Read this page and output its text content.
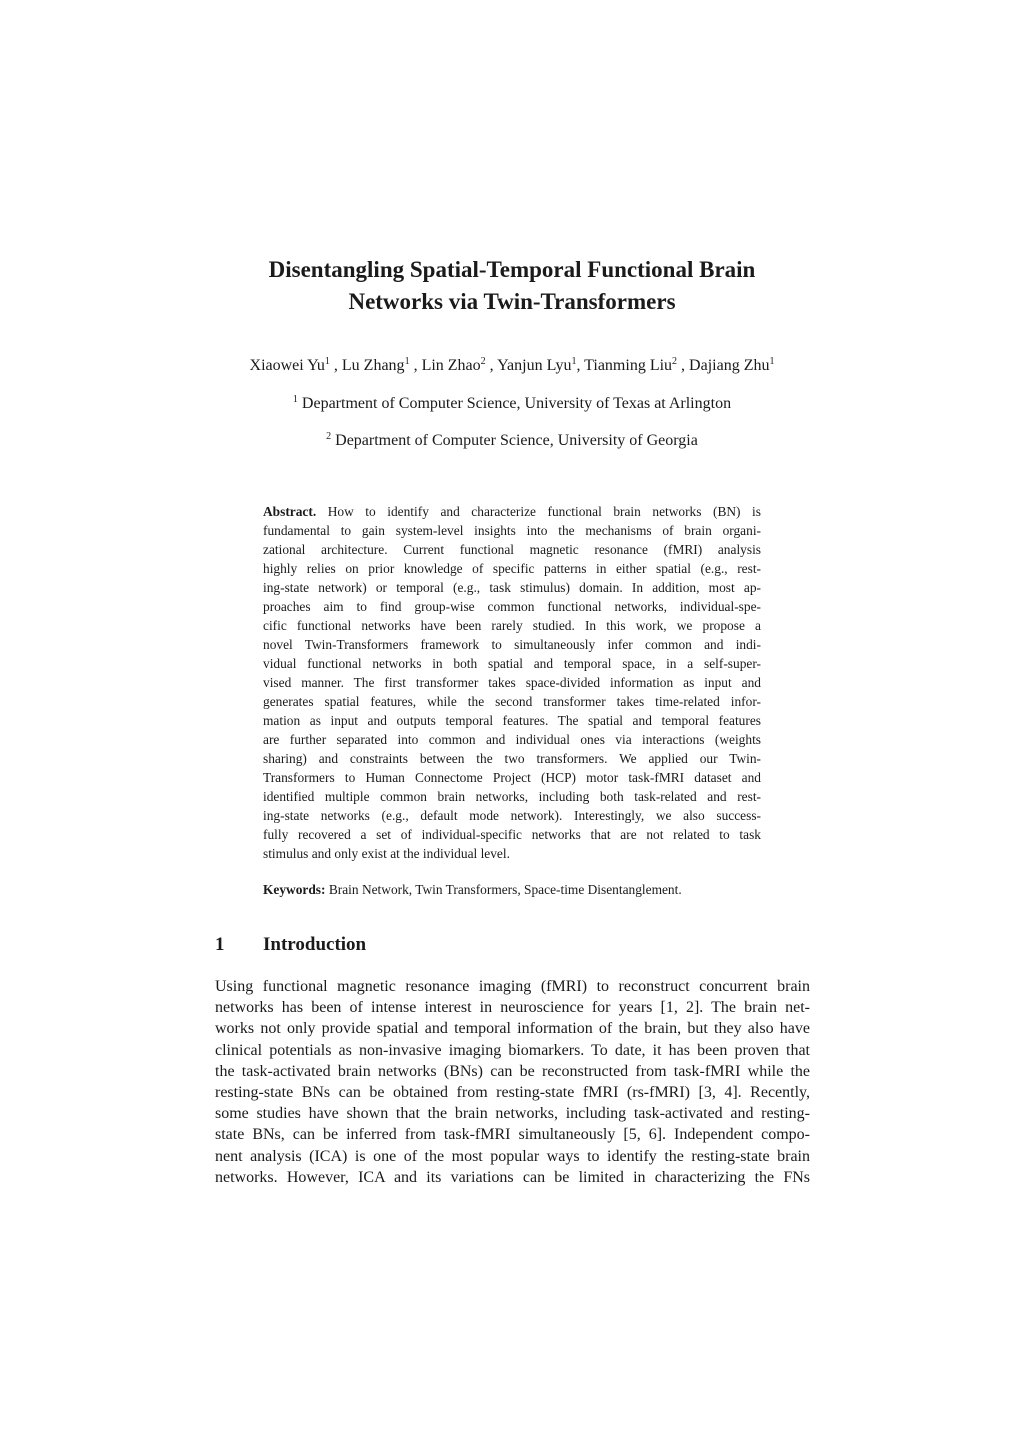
Disentangling Spatial-Temporal Functional Brain
Networks via Twin-Transformers
Xiaowei Yu$^1$ , Lu Zhang$^1$ , Lin Zhao$^2$ , Yanjun Lyu$^1$, Tianming Liu$^2$ , Dajiang Zhu$^1$
$^1$ Department of Computer Science, University of Texas at Arlington
$^2$ Department of Computer Science, University of Georgia
Abstract. How to identify and characterize functional brain networks (BN) is
fundamental to gain system-level insights into the mechanisms of brain organi-
zational architecture. Current functional magnetic resonance (fMRI) analysis
highly relies on prior knowledge of specific patterns in either spatial (e.g., rest-
ing-state network) or temporal (e.g., task stimulus) domain. In addition, most ap-
proaches aim to find group-wise common functional networks, individual-spe-
cific functional networks have been rarely studied. In this work, we propose a
novel Twin-Transformers framework to simultaneously infer common and indi-
vidual functional networks in both spatial and temporal space, in a self-super-
vised manner. The first transformer takes space-divided information as input and
generates spatial features, while the second transformer takes time-related infor-
mation as input and outputs temporal features. The spatial and temporal features
are further separated into common and individual ones via interactions (weights
sharing) and constraints between the two transformers. We applied our Twin-
Transformers to Human Connectome Project (HCP) motor task-fMRI dataset and
identified multiple common brain networks, including both task-related and rest-
ing-state networks (e.g., default mode network). Interestingly, we also success-
fully recovered a set of individual-specific networks that are not related to task
stimulus and only exist at the individual level.
Keywords: Brain Network, Twin Transformers, Space-time Disentanglement.
1 Introduction
Using functional magnetic resonance imaging (fMRI) to reconstruct concurrent brain
networks has been of intense interest in neuroscience for years [1, 2]. The brain net-
works not only provide spatial and temporal information of the brain, but they also have
clinical potentials as non-invasive imaging biomarkers. To date, it has been proven that
the task-activated brain networks (BNs) can be reconstructed from task-fMRI while the
resting-state BNs can be obtained from resting-state fMRI (rs-fMRI) [3, 4]. Recently,
some studies have shown that the brain networks, including task-activated and resting-
state BNs, can be inferred from task-fMRI simultaneously [5, 6]. Independent compo-
nent analysis (ICA) is one of the most popular ways to identify the resting-state brain
networks. However, ICA and its variations can be limited in characterizing the FNs
